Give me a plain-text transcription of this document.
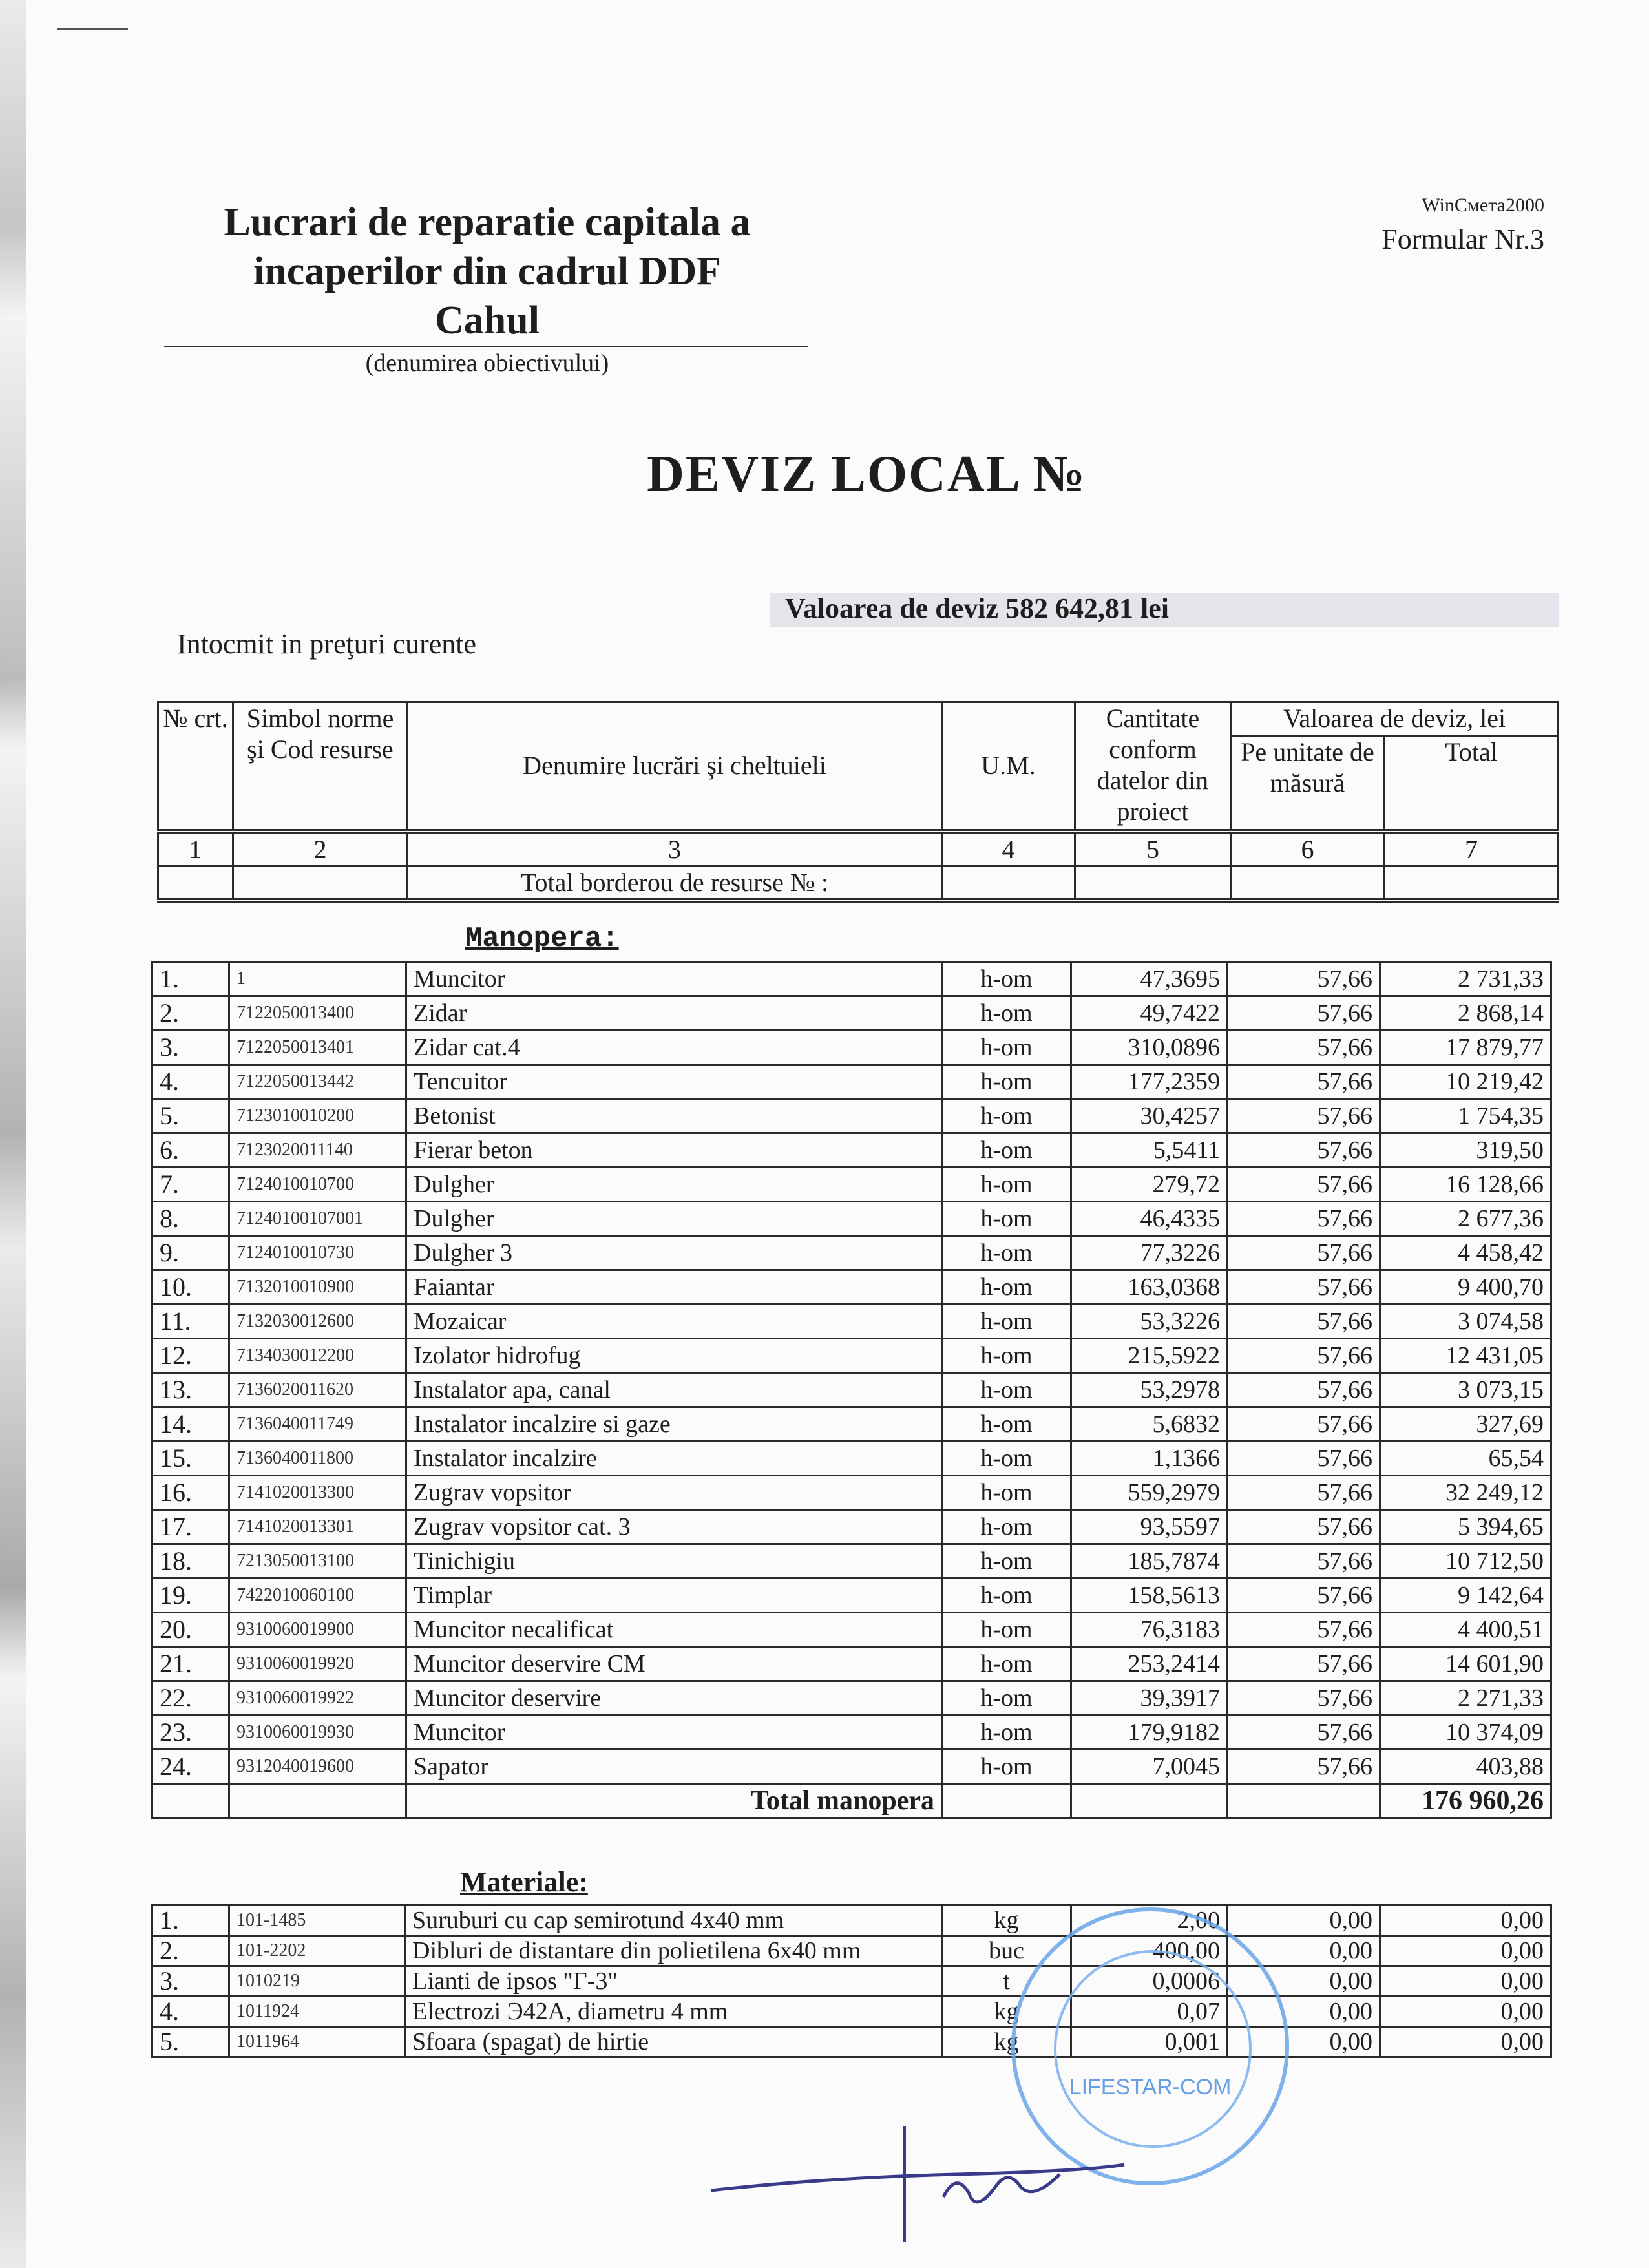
Lucrari de reparatie capitala a
incaperilor din cadrul DDF
Cahul
(denumirea obiectivului)
WinСмета2000
Formular Nr.3
DEVIZ LOCAL №
Valoarea de deviz 582 642,81 lei
Intocmit in preţuri curente
№ crt.	Simbol norme şi Cod resurse	Denumire lucrări şi cheltuieli	U.M.	Cantitate conform datelor din proiect	Valoarea de deviz, lei	
					Pe unitate de măsură	Total
1	2	3	4	5	6	7
		Total borderou de resurse № :				
Manopera:
1.	1	Muncitor	h-om	47,3695	57,66	2 731,33
2.	7122050013400	Zidar	h-om	49,7422	57,66	2 868,14
3.	7122050013401	Zidar cat.4	h-om	310,0896	57,66	17 879,77
4.	7122050013442	Tencuitor	h-om	177,2359	57,66	10 219,42
5.	7123010010200	Betonist	h-om	30,4257	57,66	1 754,35
6.	7123020011140	Fierar beton	h-om	5,5411	57,66	319,50
7.	7124010010700	Dulgher	h-om	279,72	57,66	16 128,66
8.	71240100107001	Dulgher	h-om	46,4335	57,66	2 677,36
9.	7124010010730	Dulgher 3	h-om	77,3226	57,66	4 458,42
10.	7132010010900	Faiantar	h-om	163,0368	57,66	9 400,70
11.	7132030012600	Mozaicar	h-om	53,3226	57,66	3 074,58
12.	7134030012200	Izolator hidrofug	h-om	215,5922	57,66	12 431,05
13.	7136020011620	Instalator apa, canal	h-om	53,2978	57,66	3 073,15
14.	7136040011749	Instalator incalzire si gaze	h-om	5,6832	57,66	327,69
15.	7136040011800	Instalator incalzire	h-om	1,1366	57,66	65,54
16.	7141020013300	Zugrav vopsitor	h-om	559,2979	57,66	32 249,12
17.	7141020013301	Zugrav vopsitor cat. 3	h-om	93,5597	57,66	5 394,65
18.	7213050013100	Tinichigiu	h-om	185,7874	57,66	10 712,50
19.	7422010060100	Timplar	h-om	158,5613	57,66	9 142,64
20.	9310060019900	Muncitor necalificat	h-om	76,3183	57,66	4 400,51
21.	9310060019920	Muncitor deservire CM	h-om	253,2414	57,66	14 601,90
22.	9310060019922	Muncitor deservire	h-om	39,3917	57,66	2 271,33
23.	9310060019930	Muncitor	h-om	179,9182	57,66	10 374,09
24.	9312040019600	Sapator	h-om	7,0045	57,66	403,88
		Total manopera				176 960,26
Materiale:
1.	101-1485	Suruburi cu cap semirotund 4x40 mm	kg	2,00	0,00	0,00
2.	101-2202	Dibluri de distantare din polietilena 6x40 mm	buc	400,00	0,00	0,00
3.	1010219	Lianti de ipsos "Г-3"	t	0,0006	0,00	0,00
4.	1011924	Electrozi Э42A, diametru 4 mm	kg	0,07	0,00	0,00
5.	1011964	Sfoara (spagat) de hirtie	kg	0,001	0,00	0,00
LIFESTAR-COM
